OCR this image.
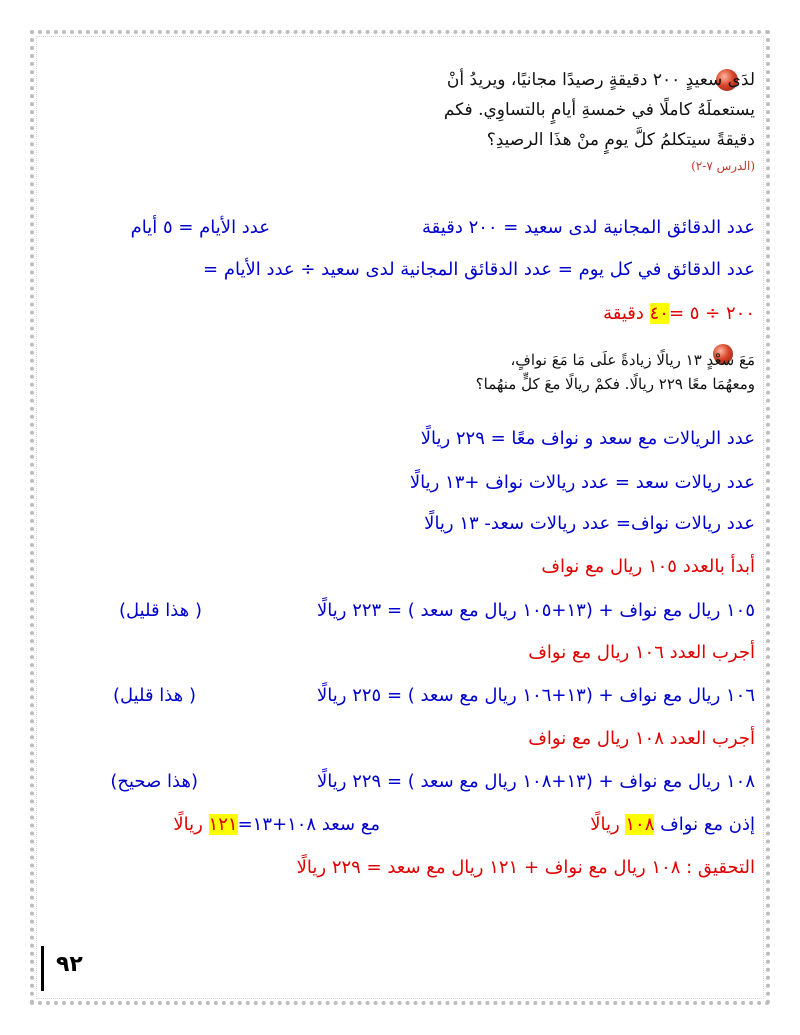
لدَى سعيدٍ ٢٠٠ دقيقةٍ رصيدًا مجانيًا، ويريدُ أنْ
يستعملَهُ كاملًا في خمسةِ أيامٍ بالتساوِي. فكم
دقيقةً سيتكلمُ كلَّ يومٍ منْ هذَا الرصيدِ؟
(الدرس ٧-٢)
عدد الدقائق المجانية لدى سعيد = ٢٠٠ دقيقة
عدد الأيام = ٥ أيام
عدد الدقائق في كل يوم = عدد الدقائق المجانية لدى سعيد ÷ عدد الأيام =
٢٠٠ ÷ ٥ =٤٠ دقيقة
مَعَ سعْدٍ ١٣ ريالًا زيادةً علَى مَا مَعَ نوافٍ،
ومعهُمَا معًا ٢٢٩ ريالًا. فكمْ ريالًا معَ كلٍّ منهُما؟
عدد الريالات مع سعد و نواف معًا = ٢٢٩ ريالًا
عدد ريالات سعد = عدد ريالات نواف +١٣ ريالًا
عدد ريالات نواف= عدد ريالات سعد- ١٣ ريالًا
أبدأ بالعدد ١٠٥ ريال مع نواف
١٠٥ ريال مع نواف + (١٣+١٠٥ ريال مع سعد ) = ٢٢٣ ريالًا
( هذا قليل)
أجرب العدد ١٠٦ ريال مع نواف
١٠٦ ريال مع نواف + (١٣+١٠٦ ريال مع سعد ) = ٢٢٥ ريالًا
( هذا قليل)
أجرب العدد ١٠٨ ريال مع نواف
١٠٨ ريال مع نواف + (١٣+١٠٨ ريال مع سعد ) = ٢٢٩ ريالًا
(هذا صحيح)
إذن مع نواف ١٠٨ ريالًا
مع سعد ١٠٨+١٣=١٢١ ريالًا
التحقيق : ١٠٨ ريال مع نواف + ١٢١ ريال مع سعد = ٢٢٩ ريالًا
٩٢
